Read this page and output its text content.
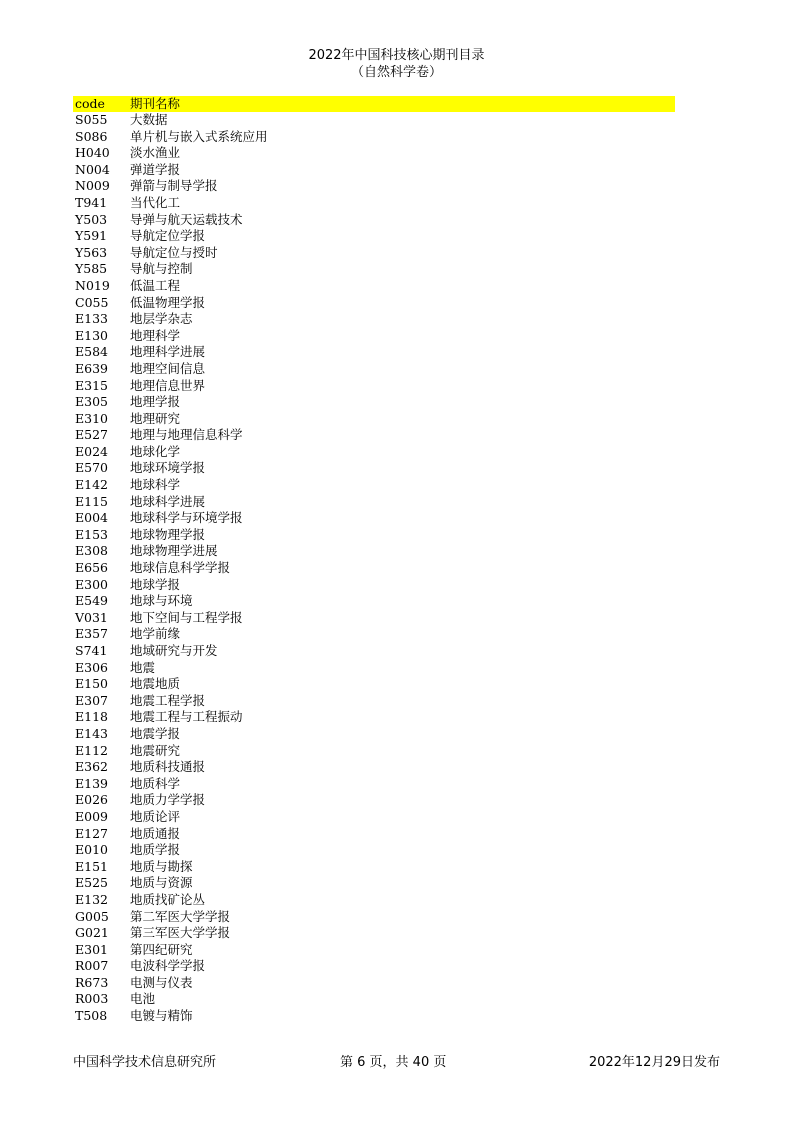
2022年中国科技核心期刊目录
（自然科学卷）
code 期刊名称
S055 大数据
S086 单片机与嵌入式系统应用
H040 淡水渔业
N004 弹道学报
N009 弹箭与制导学报
T941 当代化工
Y503 导弹与航天运载技术
Y591 导航定位学报
Y563 导航定位与授时
Y585 导航与控制
N019 低温工程
C055 低温物理学报
E133 地层学杂志
E130 地理科学
E584 地理科学进展
E639 地理空间信息
E315 地理信息世界
E305 地理学报
E310 地理研究
E527 地理与地理信息科学
E024 地球化学
E570 地球环境学报
E142 地球科学
E115 地球科学进展
E004 地球科学与环境学报
E153 地球物理学报
E308 地球物理学进展
E656 地球信息科学学报
E300 地球学报
E549 地球与环境
V031 地下空间与工程学报
E357 地学前缘
S741 地域研究与开发
E306 地震
E150 地震地质
E307 地震工程学报
E118 地震工程与工程振动
E143 地震学报
E112 地震研究
E362 地质科技通报
E139 地质科学
E026 地质力学学报
E009 地质论评
E127 地质通报
E010 地质学报
E151 地质与勘探
E525 地质与资源
E132 地质找矿论丛
G005 第二军医大学学报
G021 第三军医大学学报
E301 第四纪研究
R007 电波科学学报
R673 电测与仪表
R003 电池
T508 电镀与精饰
中国科学技术信息研究所	第 6 页，共 40 页	2022年12月29日发布
